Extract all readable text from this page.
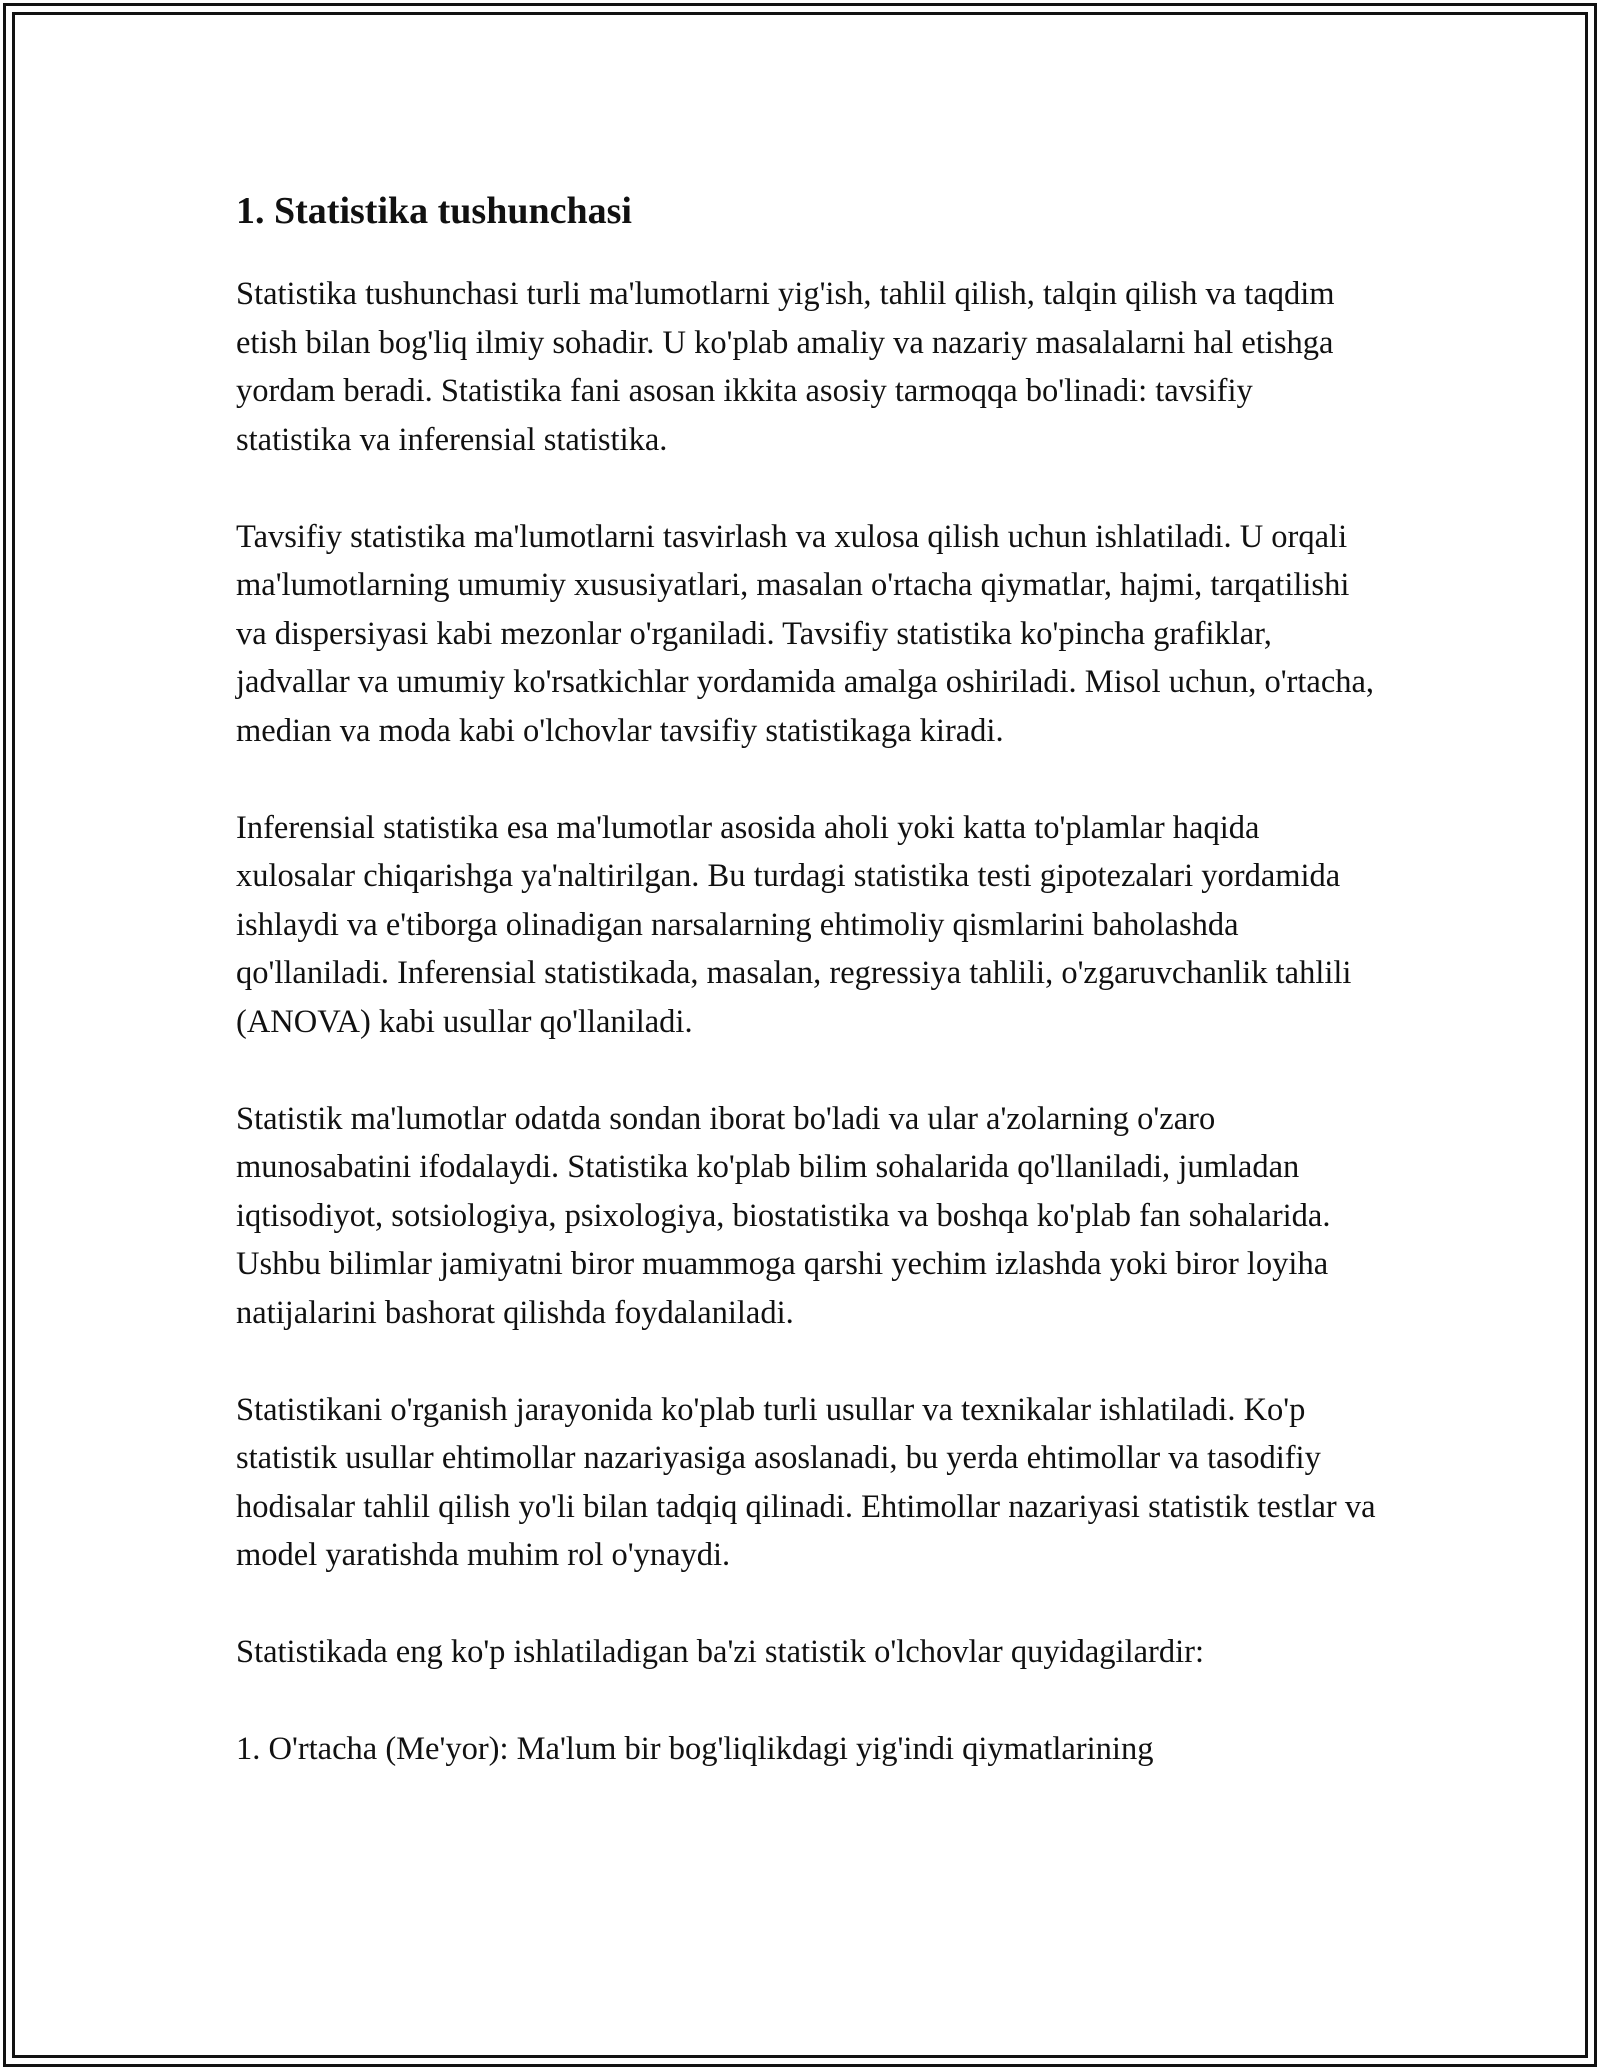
1. Statistika tushunchasi

Statistika tushunchasi turli ma'lumotlarni yig'ish, tahlil qilish, talqin qilish va taqdim etish bilan bog'liq ilmiy sohadir. U ko'plab amaliy va nazariy masalalarni hal etishga yordam beradi. Statistika fani asosan ikkita asosiy tarmoqqa bo'linadi: tavsifiy statistika va inferensial statistika.

Tavsifiy statistika ma'lumotlarni tasvirlash va xulosa qilish uchun ishlatiladi. U orqali ma'lumotlarning umumiy xususiyatlari, masalan o'rtacha qiymatlar, hajmi, tarqatilishi va dispersiyasi kabi mezonlar o'rganiladi. Tavsifiy statistika ko'pincha grafiklar, jadvallar va umumiy ko'rsatkichlar yordamida amalga oshiriladi. Misol uchun, o'rtacha, median va moda kabi o'lchovlar tavsifiy statistikaga kiradi.

Inferensial statistika esa ma'lumotlar asosida aholi yoki katta to'plamlar haqida xulosalar chiqarishga ya'naltirilgan. Bu turdagi statistika testi gipotezalari yordamida ishlaydi va e'tiborga olinadigan narsalarning ehtimoliy qismlarini baholashda qo'llaniladi. Inferensial statistikada, masalan, regressiya tahlili, o'zgaruvchanlik tahlili (ANOVA) kabi usullar qo'llaniladi.

Statistik ma'lumotlar odatda sondan iborat bo'ladi va ular a'zolarning o'zaro munosabatini ifodalaydi. Statistika ko'plab bilim sohalarida qo'llaniladi, jumladan iqtisodiyot, sotsiologiya, psixologiya, biostatistika va boshqa ko'plab fan sohalarida. Ushbu bilimlar jamiyatni biror muammoga qarshi yechim izlashda yoki biror loyiha natijalarini bashorat qilishda foydalaniladi.

Statistikani o'rganish jarayonida ko'plab turli usullar va texnikalar ishlatiladi. Ko'p statistik usullar ehtimollar nazariyasiga asoslanadi, bu yerda ehtimollar va tasodifiy hodisalar tahlil qilish yo'li bilan tadqiq qilinadi. Ehtimollar nazariyasi statistik testlar va model yaratishda muhim rol o'ynaydi.

Statistikada eng ko'p ishlatiladigan ba'zi statistik o'lchovlar quyidagilardir:

1. O'rtacha (Me'yor): Ma'lum bir bog'liqlikdagi yig'indi qiymatlarining
